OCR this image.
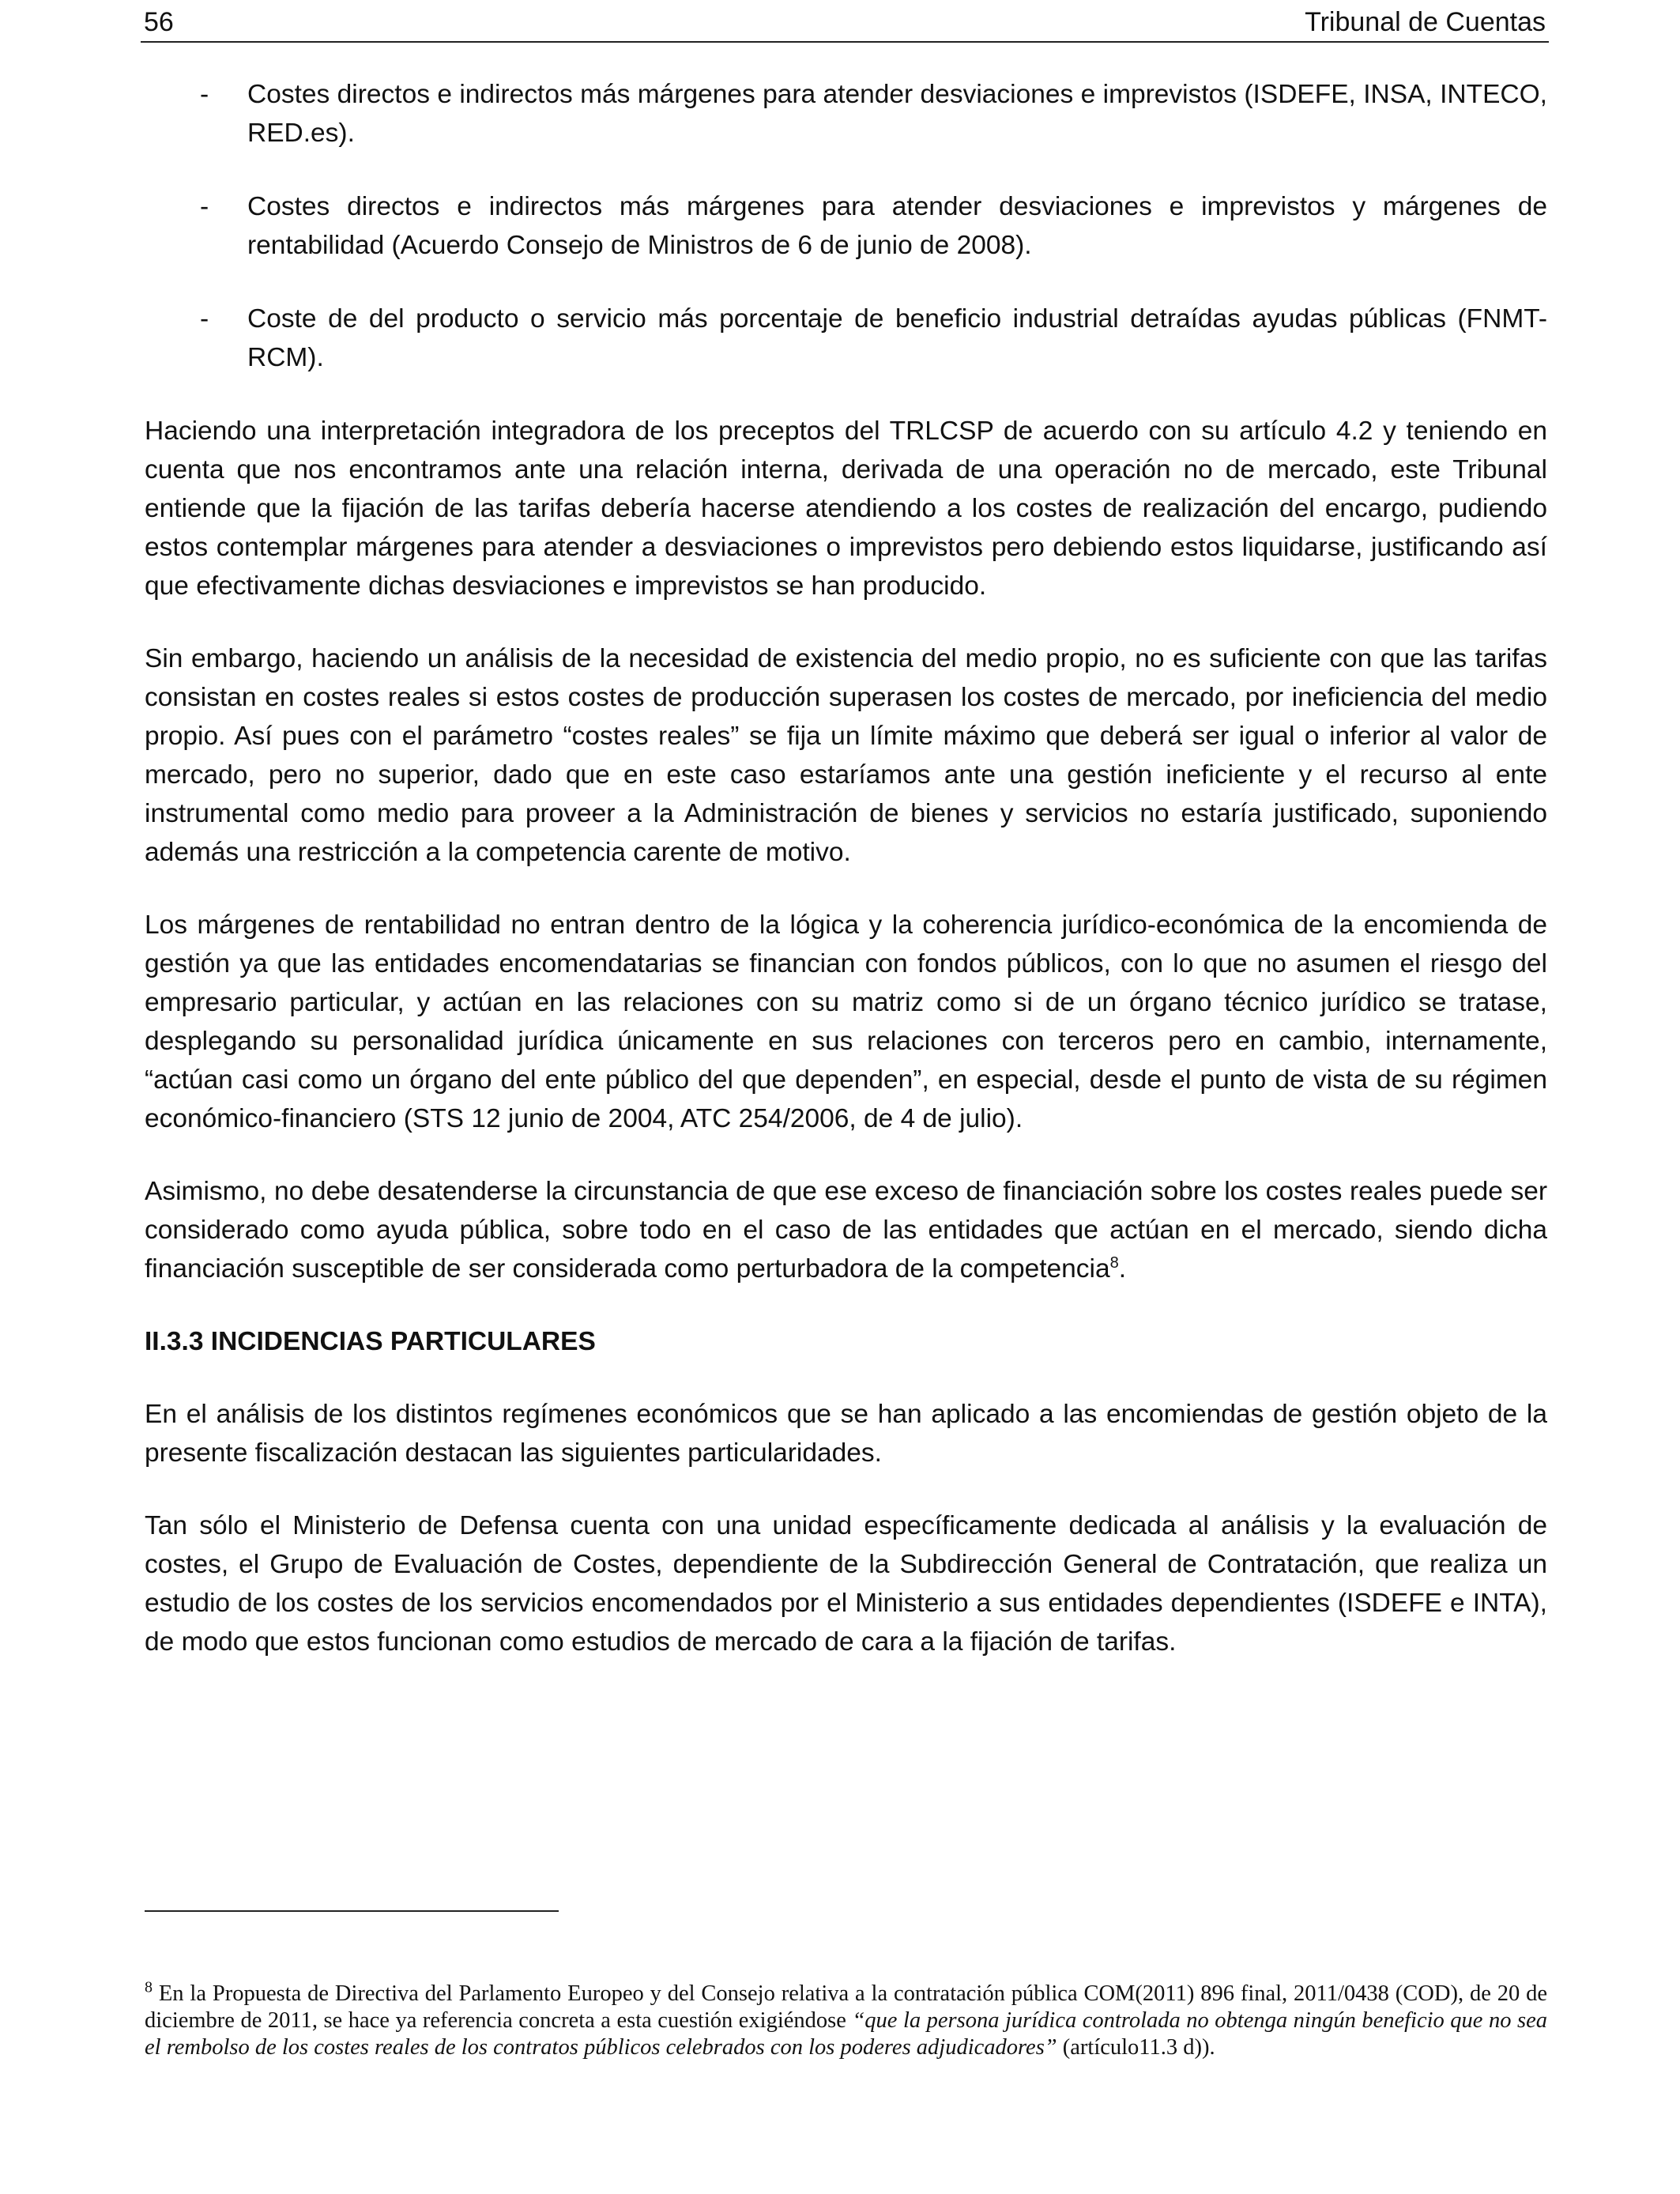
56	Tribunal de Cuentas
- Costes directos e indirectos más márgenes para atender desviaciones e imprevistos (ISDEFE, INSA, INTECO, RED.es).
- Costes directos e indirectos más márgenes para atender desviaciones e imprevistos y márgenes de rentabilidad (Acuerdo Consejo de Ministros de 6 de junio de 2008).
- Coste de del producto o servicio más porcentaje de beneficio industrial detraídas ayudas públicas (FNMT-RCM).

Haciendo una interpretación integradora de los preceptos del TRLCSP de acuerdo con su artículo 4.2 y teniendo en cuenta que nos encontramos ante una relación interna, derivada de una operación no de mercado, este Tribunal entiende que la fijación de las tarifas debería hacerse atendiendo a los costes de realización del encargo, pudiendo estos contemplar márgenes para atender a desviaciones o imprevistos pero debiendo estos liquidarse, justificando así que efectivamente dichas desviaciones e imprevistos se han producido.

Sin embargo, haciendo un análisis de la necesidad de existencia del medio propio, no es suficiente con que las tarifas consistan en costes reales si estos costes de producción superasen los costes de mercado, por ineficiencia del medio propio. Así pues con el parámetro “costes reales” se fija un límite máximo que deberá ser igual o inferior al valor de mercado, pero no superior, dado que en este caso estaríamos ante una gestión ineficiente y el recurso al ente instrumental como medio para proveer a la Administración de bienes y servicios no estaría justificado, suponiendo además una restricción a la competencia carente de motivo.

Los márgenes de rentabilidad no entran dentro de la lógica y la coherencia jurídico-económica de la encomienda de gestión ya que las entidades encomendatarias se financian con fondos públicos, con lo que no asumen el riesgo del empresario particular, y actúan en las relaciones con su matriz como si de un órgano técnico jurídico se tratase, desplegando su personalidad jurídica únicamente en sus relaciones con terceros pero en cambio, internamente, “actúan casi como un órgano del ente público del que dependen”, en especial, desde el punto de vista de su régimen económico-financiero (STS 12 junio de 2004, ATC 254/2006, de 4 de julio).

Asimismo, no debe desatenderse la circunstancia de que ese exceso de financiación sobre los costes reales puede ser considerado como ayuda pública, sobre todo en el caso de las entidades que actúan en el mercado, siendo dicha financiación susceptible de ser considerada como perturbadora de la competencia$^8$.

II.3.3 INCIDENCIAS PARTICULARES

En el análisis de los distintos regímenes económicos que se han aplicado a las encomiendas de gestión objeto de la presente fiscalización destacan las siguientes particularidades.

Tan sólo el Ministerio de Defensa cuenta con una unidad específicamente dedicada al análisis y la evaluación de costes, el Grupo de Evaluación de Costes, dependiente de la Subdirección General de Contratación, que realiza un estudio de los costes de los servicios encomendados por el Ministerio a sus entidades dependientes (ISDEFE e INTA), de modo que estos funcionan como estudios de mercado de cara a la fijación de tarifas.

$^8$ En la Propuesta de Directiva del Parlamento Europeo y del Consejo relativa a la contratación pública COM(2011) 896 final, 2011/0438 (COD), de 20 de diciembre de 2011, se hace ya referencia concreta a esta cuestión exigiéndose “que la persona jurídica controlada no obtenga ningún beneficio que no sea el rembolso de los costes reales de los contratos públicos celebrados con los poderes adjudicadores” (artículo11.3 d)).
